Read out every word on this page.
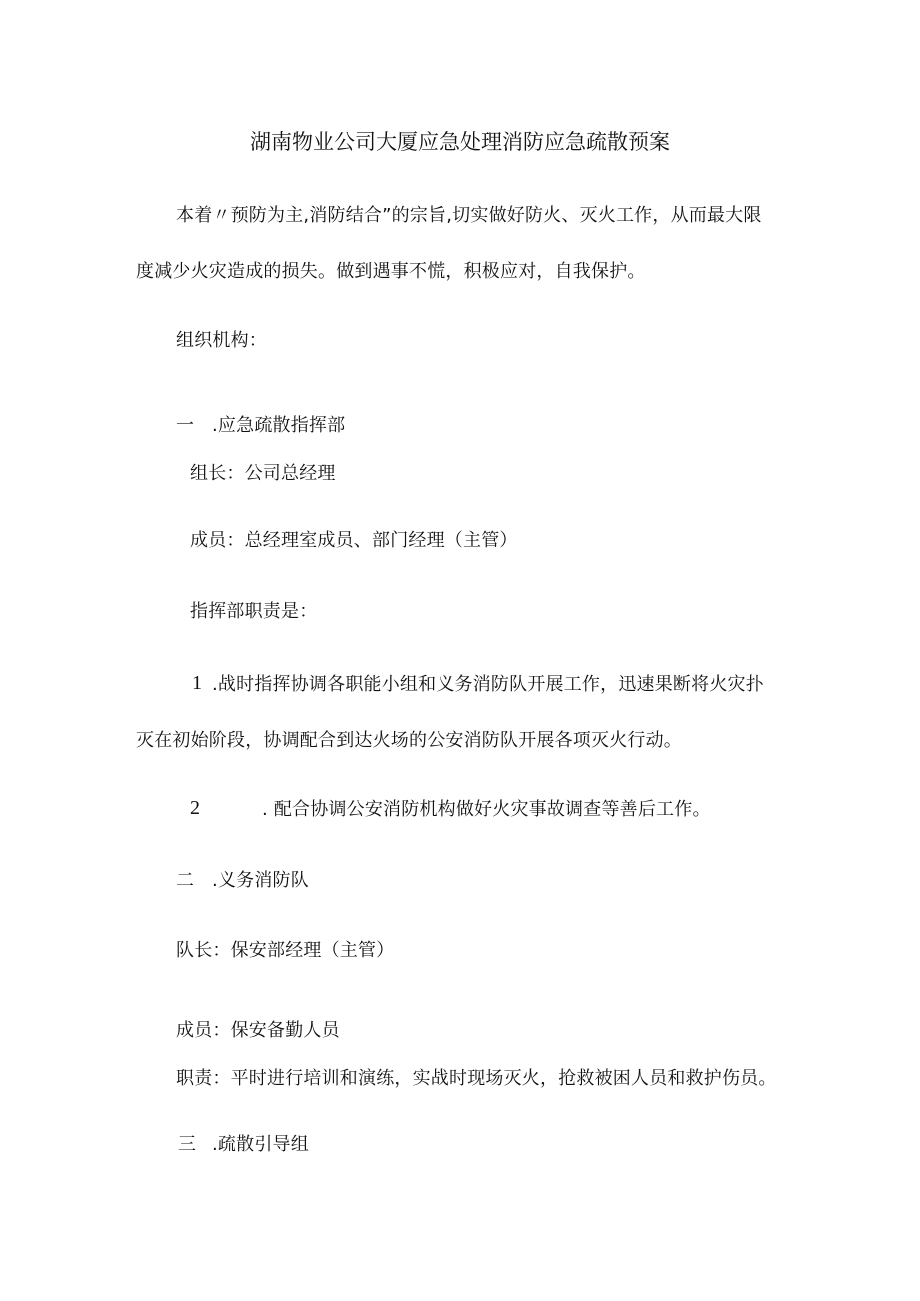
湖南物业公司大厦应急处理消防应急疏散预案
本着〃预防为主,消防结合”的宗旨,切实做好防火、灭火工作，从而最大限
度减少火灾造成的损失。做到遇事不慌，积极应对，自我保护。
组织机构：
一 .应急疏散指挥部
组长：公司总经理
成员：总经理室成员、部门经理（主管）
指挥部职责是：
1 .战时指挥协调各职能小组和义务消防队开展工作，迅速果断将火灾扑
灭在初始阶段，协调配合到达火场的公安消防队开展各项灭火行动。
2	. 配合协调公安消防机构做好火灾事故调查等善后工作。
二 .义务消防队
队长：保安部经理（主管）
成员：保安备勤人员
职责：平时进行培训和演练，实战时现场灭火，抢救被困人员和救护伤员。
三 .疏散引导组
